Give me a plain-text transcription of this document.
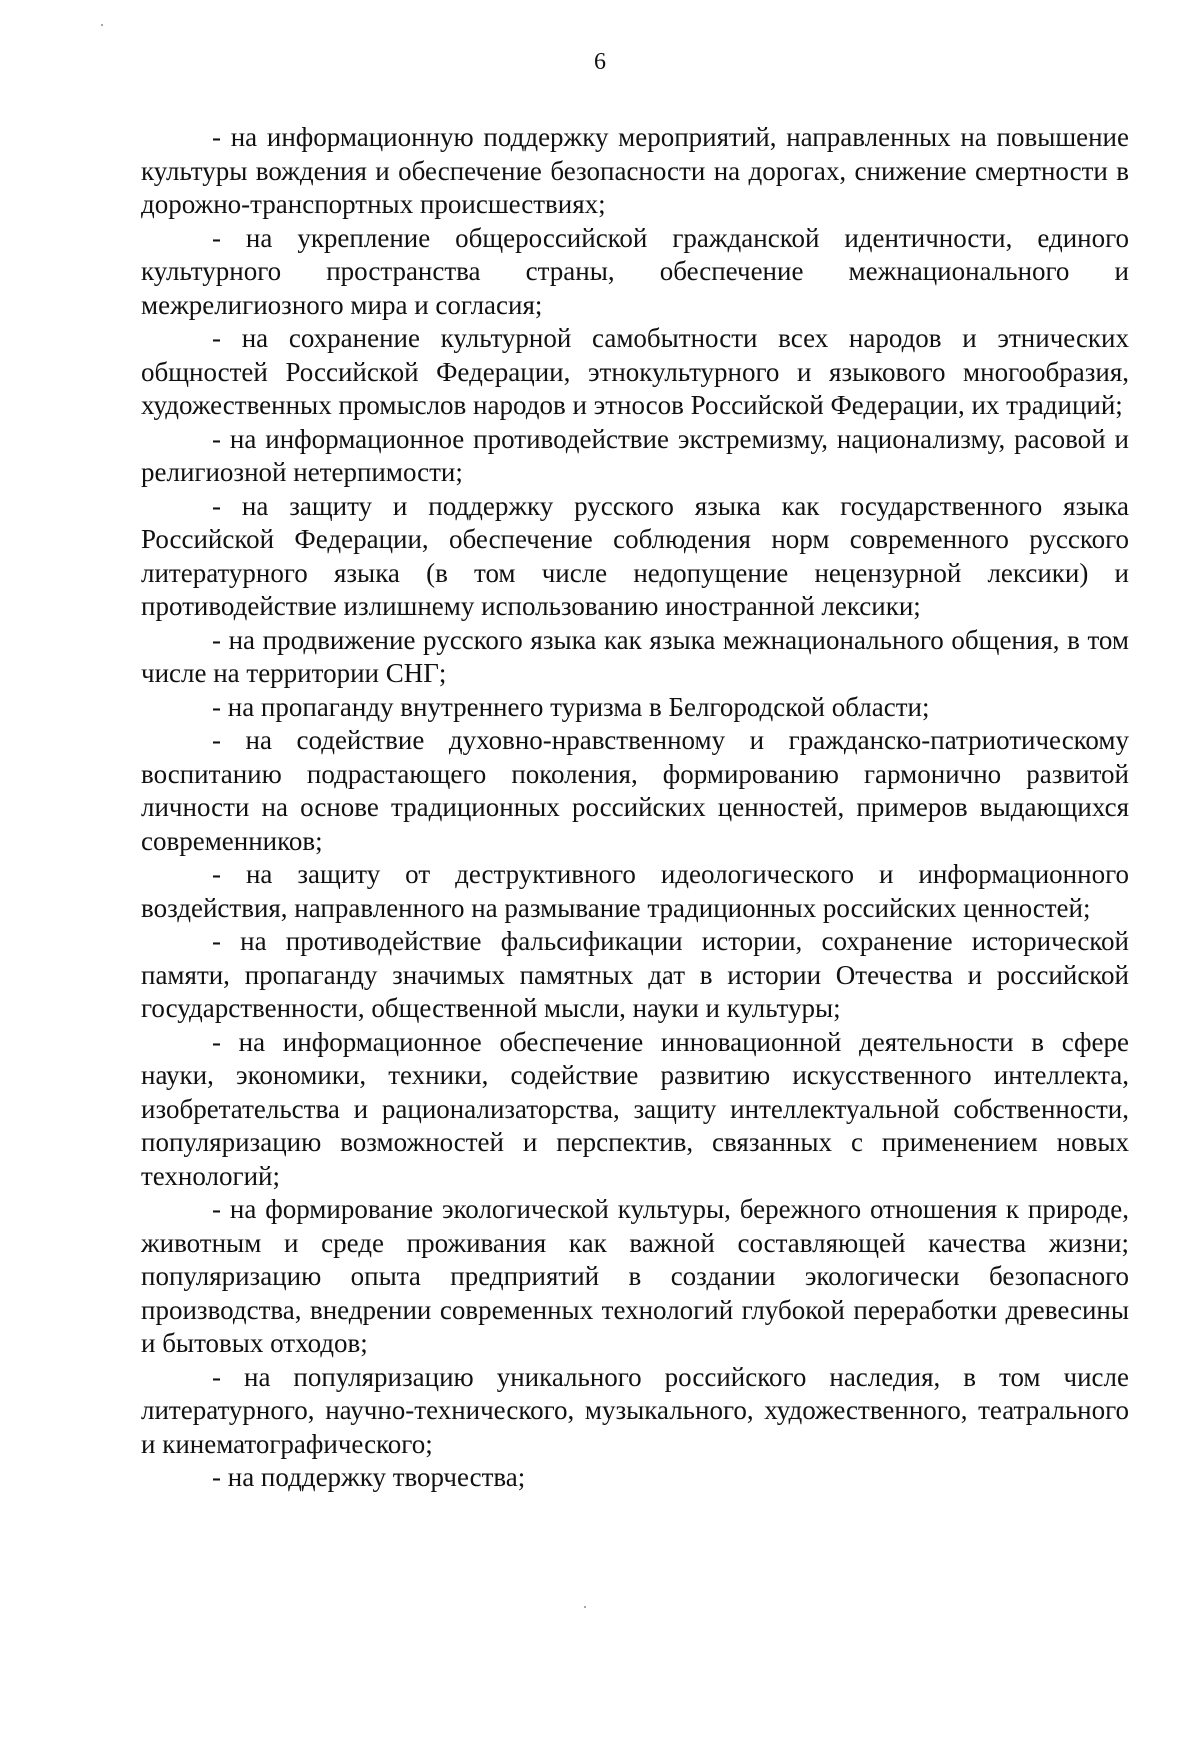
6

- на информационную поддержку мероприятий, направленных на повышение культуры вождения и обеспечение безопасности на дорогах, снижение смертности в дорожно-транспортных происшествиях;

- на укрепление общероссийской гражданской идентичности, единого культурного пространства страны, обеспечение межнационального и межрелигиозного мира и согласия;

- на сохранение культурной самобытности всех народов и этнических общностей Российской Федерации, этнокультурного и языкового многообразия, художественных промыслов народов и этносов Российской Федерации, их традиций;

- на информационное противодействие экстремизму, национализму, расовой и религиозной нетерпимости;

- на защиту и поддержку русского языка как государственного языка Российской Федерации, обеспечение соблюдения норм современного русского литературного языка (в том числе недопущение нецензурной лексики) и противодействие излишнему использованию иностранной лексики;

- на продвижение русского языка как языка межнационального общения, в том числе на территории СНГ;

- на пропаганду внутреннего туризма в Белгородской области;

- на содействие духовно-нравственному и гражданско-патриотическому воспитанию подрастающего поколения, формированию гармонично развитой личности на основе традиционных российских ценностей, примеров выдающихся современников;

- на защиту от деструктивного идеологического и информационного воздействия, направленного на размывание традиционных российских ценностей;

- на противодействие фальсификации истории, сохранение исторической памяти, пропаганду значимых памятных дат в истории Отечества и российской государственности, общественной мысли, науки и культуры;

- на информационное обеспечение инновационной деятельности в сфере науки, экономики, техники, содействие развитию искусственного интеллекта, изобретательства и рационализаторства, защиту интеллектуальной собственности, популяризацию возможностей и перспектив, связанных с применением новых технологий;

- на формирование экологической культуры, бережного отношения к природе, животным и среде проживания как важной составляющей качества жизни; популяризацию опыта предприятий в создании экологически безопасного производства, внедрении современных технологий глубокой переработки древесины и бытовых отходов;

- на популяризацию уникального российского наследия, в том числе литературного, научно-технического, музыкального, художественного, театрального и кинематографического;

- на поддержку творчества;
